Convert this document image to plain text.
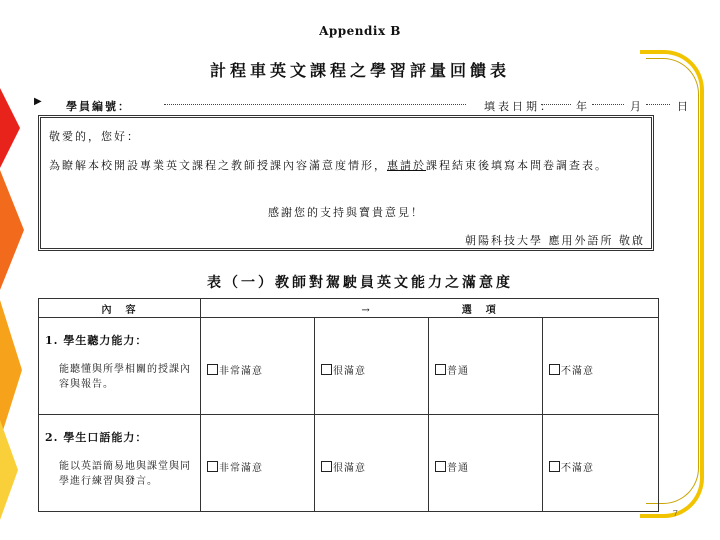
Appendix B
計程車英文課程之學習評量回饋表
▶ 學員編號：	填表日期： 年	月	日
敬愛的，您好：
為瞭解本校開設專業英文課程之教師授課內容滿意度情形，惠請於課程結束後填寫本問卷調查表。
感謝您的支持與寶貴意見！
朝陽科技大學 應用外語所 敬啟
表（一）教師對駕駛員英文能力之滿意度
內　容	→ 選　項			

1. 學生聽力能力：
能聽懂與所學相關的授課內容與報告。	非常滿意	很滿意	普通	不滿意

2. 學生口語能力：
能以英語簡易地與課堂與同學進行練習與發言。	非常滿意	很滿意	普通	不滿意
7
